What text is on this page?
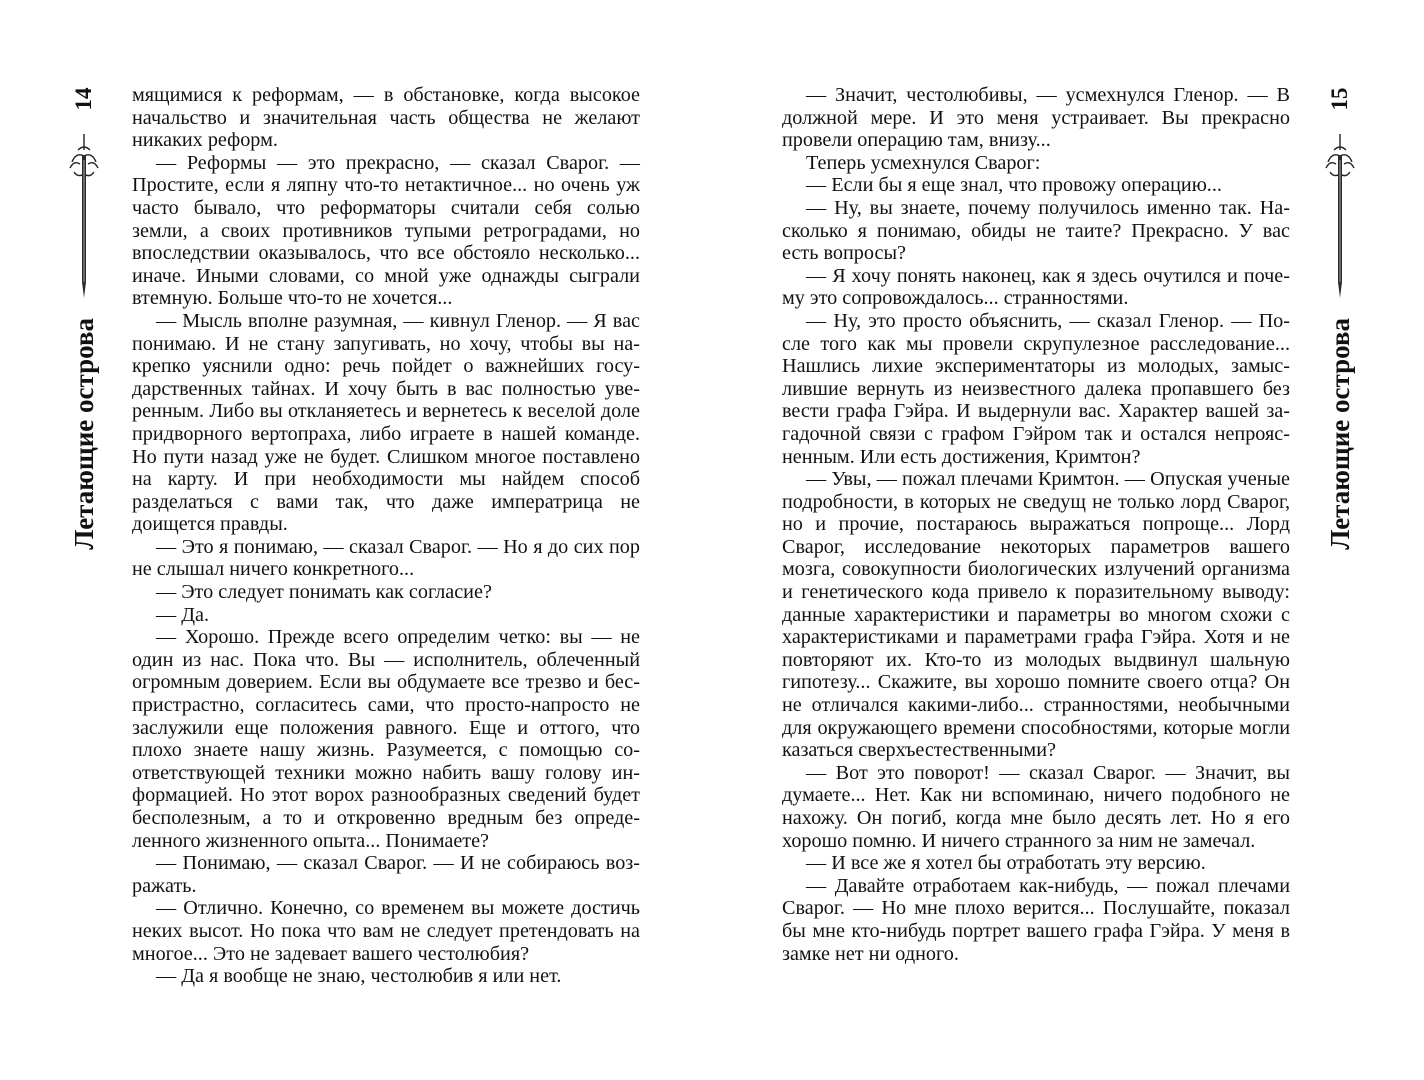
14
Летающие острова

мящимися к реформам, — в обстановке, когда высокое начальство и значительная часть общества не желают никаких реформ.

— Реформы — это прекрасно, — сказал Сварог. — Простите, если я ляпну что-то нетактичное... но очень уж часто бывало, что реформаторы считали себя солью земли, а своих противников тупыми ретроградами, но впоследствии оказывалось, что все обстояло несколько... иначе. Иными словами, со мной уже однажды сыграли втемную. Больше что-то не хочется...

— Мысль вполне разумная, — кивнул Гленор. — Я вас понимаю. И не стану запугивать, но хочу, чтобы вы накрепко уяснили одно: речь пойдет о важнейших государственных тайнах. И хочу быть в вас полностью уверенным. Либо вы откланяетесь и вернетесь к веселой доле придворного вертопраха, либо играете в нашей команде. Но пути назад уже не будет. Слишком многое поставлено на карту. И при необходимости мы найдем способ разделаться с вами так, что даже императрица не доищется правды.

— Это я понимаю, — сказал Сварог. — Но я до сих пор не слышал ничего конкретного...

— Это следует понимать как согласие?

— Да.

— Хорошо. Прежде всего определим четко: вы — не один из нас. Пока что. Вы — исполнитель, облеченный огромным доверием. Если вы обдумаете все трезво и беспристрастно, согласитесь сами, что просто-напросто не заслужили еще положения равного. Еще и оттого, что плохо знаете нашу жизнь. Разумеется, с помощью соответствующей техники можно набить вашу голову информацией. Но этот ворох разнообразных сведений будет бесполезным, а то и откровенно вредным без определенного жизненного опыта... Понимаете?

— Понимаю, — сказал Сварог. — И не собираюсь возражать.

— Отлично. Конечно, со временем вы можете достичь неких высот. Но пока что вам не следует претендовать на многое... Это не задевает вашего честолюбия?

— Да я вообще не знаю, честолюбив я или нет.

— Значит, честолюбивы, — усмехнулся Гленор. — В должной мере. И это меня устраивает. Вы прекрасно провели операцию там, внизу...

Теперь усмехнулся Сварог:

— Если бы я еще знал, что провожу операцию...

— Ну, вы знаете, почему получилось именно так. Насколько я понимаю, обиды не таите? Прекрасно. У вас есть вопросы?

— Я хочу понять наконец, как я здесь очутился и почему это сопровождалось... странностями.

— Ну, это просто объяснить, — сказал Гленор. — После того как мы провели скрупулезное расследование... Нашлись лихие экспериментаторы из молодых, замыслившие вернуть из неизвестного далека пропавшего без вести графа Гэйра. И выдернули вас. Характер вашей загадочной связи с графом Гэйром так и остался непроясненным. Или есть достижения, Кримтон?

— Увы, — пожал плечами Кримтон. — Опуская ученые подробности, в которых не сведущ не только лорд Сварог, но и прочие, постараюсь выражаться попроще... Лорд Сварог, исследование некоторых параметров вашего мозга, совокупности биологических излучений организма и генетического кода привело к поразительному выводу: данные характеристики и параметры во многом схожи с характеристиками и параметрами графа Гэйра. Хотя и не повторяют их. Кто-то из молодых выдвинул шальную гипотезу... Скажите, вы хорошо помните своего отца? Он не отличался какими-либо... странностями, необычными для окружающего времени способностями, которые могли казаться сверхъестественными?

— Вот это поворот! — сказал Сварог. — Значит, вы думаете... Нет. Как ни вспоминаю, ничего подобного не нахожу. Он погиб, когда мне было десять лет. Но я его хорошо помню. И ничего странного за ним не замечал.

— И все же я хотел бы отработать эту версию.

— Давайте отработаем как-нибудь, — пожал плечами Сварог. — Но мне плохо верится... Послушайте, показал бы мне кто-нибудь портрет вашего графа Гэйра. У меня в замке нет ни одного.

15
Летающие острова
